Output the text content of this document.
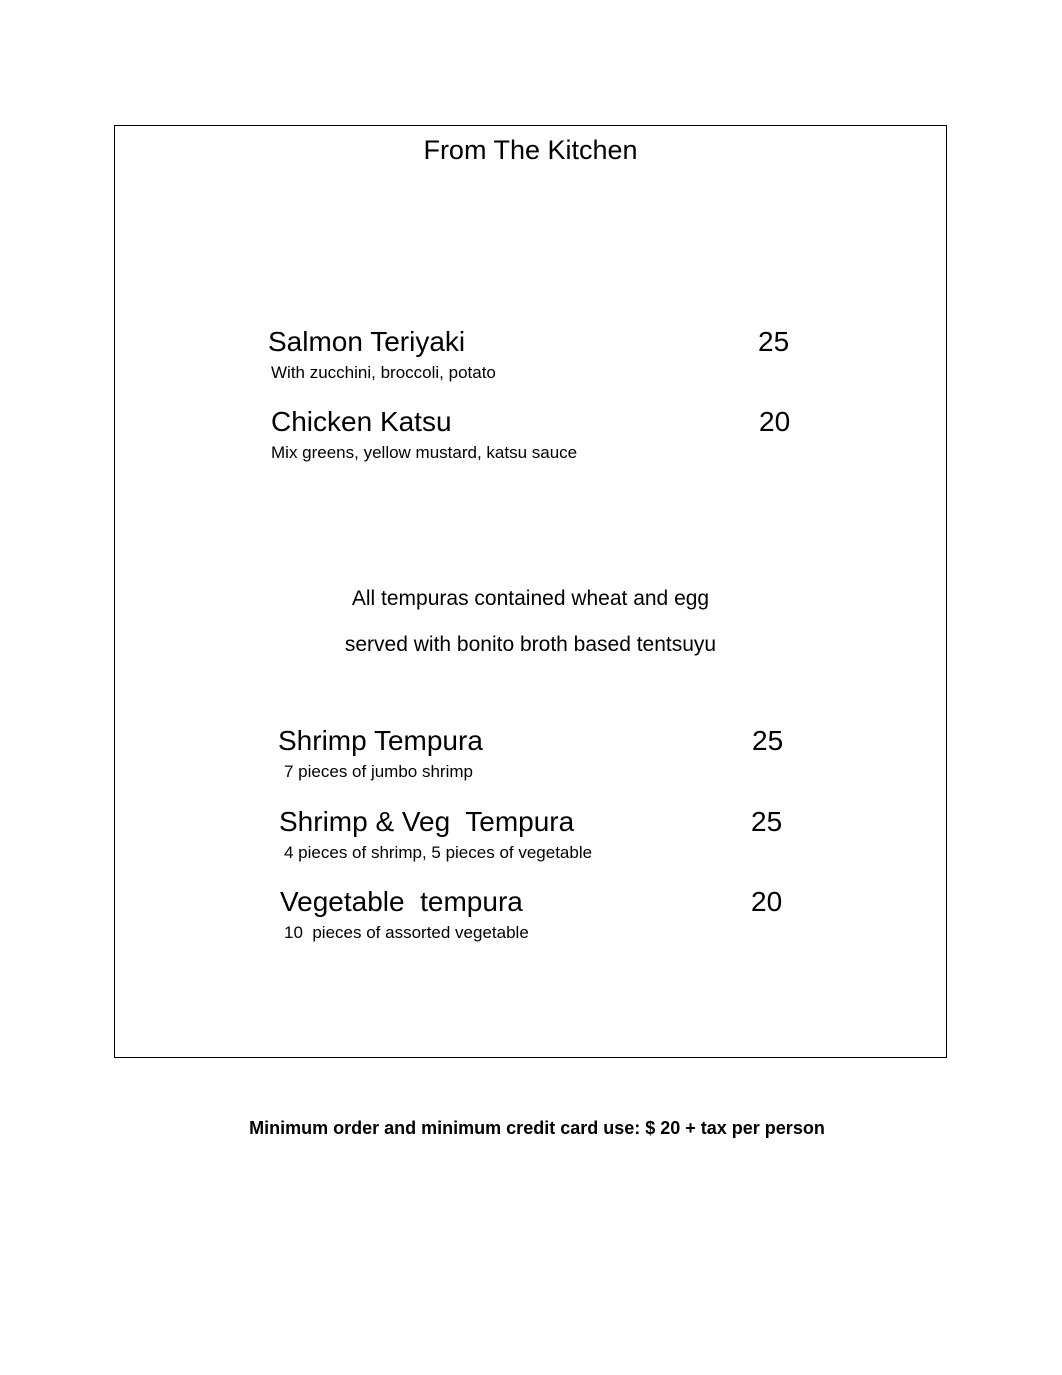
From The Kitchen
Salmon Teriyaki
With zucchini, broccoli, potato
25
Chicken Katsu
Mix greens, yellow mustard, katsu sauce
20
All tempuras contained wheat and egg
served with bonito broth based tentsuyu
Shrimp Tempura
7 pieces of jumbo shrimp
25
Shrimp & Veg  Tempura
4 pieces of shrimp, 5 pieces of vegetable
25
Vegetable  tempura
10  pieces of assorted vegetable
20
Minimum order and minimum credit card use: $ 20 + tax per person
